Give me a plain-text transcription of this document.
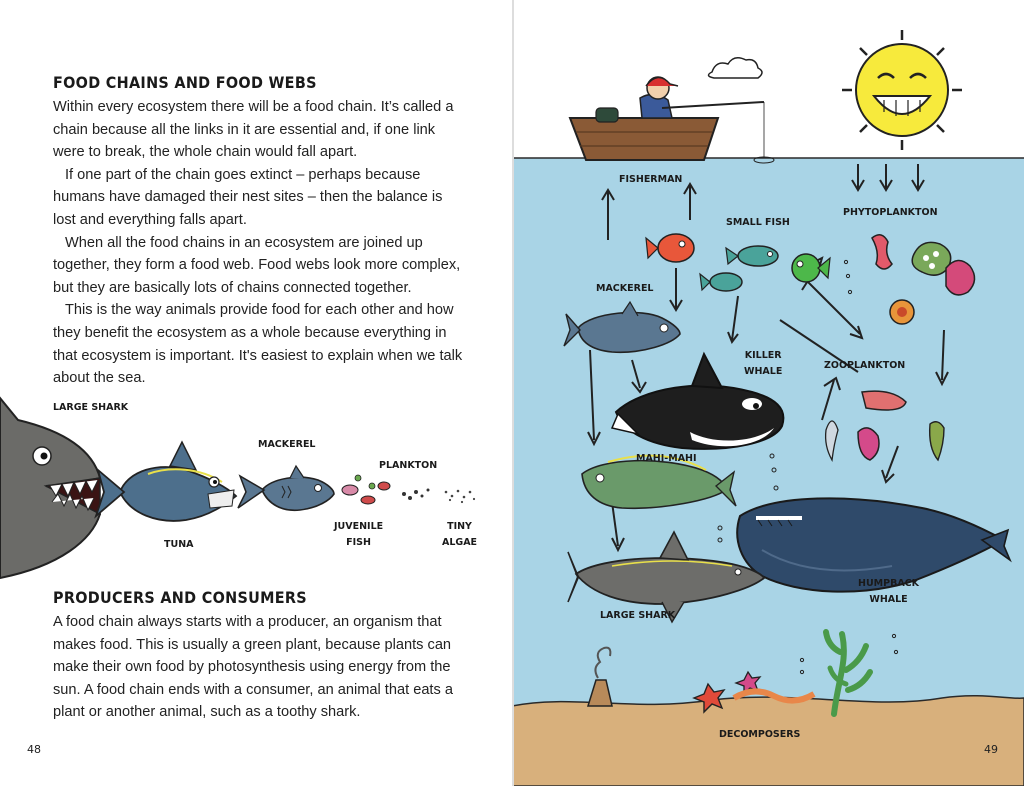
FOOD CHAINS AND FOOD WEBS

Within every ecosystem there will be a food chain. It’s called a chain because all the links in it are essential and, if one link were to break, the whole chain would fall apart.

If one part of the chain goes extinct – perhaps because humans have damaged their nest sites – then the balance is lost and everything falls apart.

When all the food chains in an ecosystem are joined up together, they form a food web. Food webs look more complex, but they are basically lots of chains connected together.

This is the way animals provide food for each other and how they benefit the ecosystem as a whole because everything in that ecosystem is important. It's easiest to explain when we talk about the sea.

LARGE SHARK
MACKEREL
PLANKTON
TUNA
JUVENILE
FISH
TINY
ALGAE
PRODUCERS AND CONSUMERS

A food chain always starts with a producer, an organism that makes food. This is usually a green plant, because plants can make their own food by photosynthesis using energy from the sun. A food chain ends with a consumer, an animal that eats a plant or another animal, such as a toothy shark.

48
FISHERMAN
SMALL FISH
PHYTOPLANKTON
MACKEREL
KILLER
WHALE
ZOOPLANKTON
MAHI-MAHI
HUMPBACK
WHALE
LARGE SHARK
DECOMPOSERS
49
